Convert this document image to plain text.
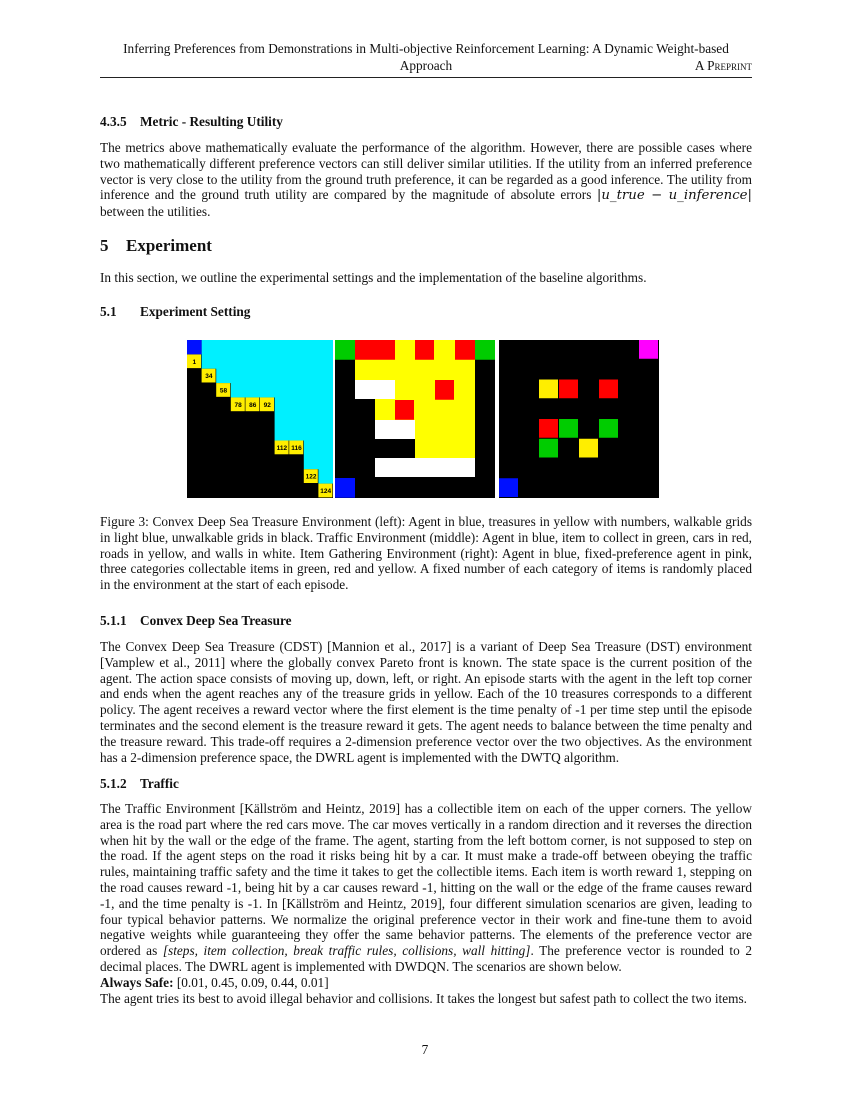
Inferring Preferences from Demonstrations in Multi-objective Reinforcement Learning: A Dynamic Weight-based
Approach	A Preprint
4.3.5 Metric - Resulting Utility
The metrics above mathematically evaluate the performance of the algorithm. However, there are possible cases where two mathematically different preference vectors can still deliver similar utilities. If the utility from an inferred preference vector is very close to the utility from the ground truth preference, it can be regarded as a good inference. The utility from inference and the ground truth utility are compared by the magnitude of absolute errors |u_true − u_inference| between the utilities.
5 Experiment
In this section, we outline the experimental settings and the implementation of the baseline algorithms.
5.1 Experiment Setting
1
34
58
78 86 92
112 116
122
124
Figure 3: Convex Deep Sea Treasure Environment (left): Agent in blue, treasures in yellow with numbers, walkable grids in light blue, unwalkable grids in black. Traffic Environment (middle): Agent in blue, item to collect in green, cars in red, roads in yellow, and walls in white. Item Gathering Environment (right): Agent in blue, fixed-preference agent in pink, three categories collectable items in green, red and yellow. A fixed number of each category of items is randomly placed in the environment at the start of each episode.
5.1.1 Convex Deep Sea Treasure
The Convex Deep Sea Treasure (CDST) [Mannion et al., 2017] is a variant of Deep Sea Treasure (DST) environment [Vamplew et al., 2011] where the globally convex Pareto front is known. The state space is the current position of the agent. The action space consists of moving up, down, left, or right. An episode starts with the agent in the left top corner and ends when the agent reaches any of the treasure grids in yellow. Each of the 10 treasures corresponds to a different policy. The agent receives a reward vector where the first element is the time penalty of -1 per time step until the episode terminates and the second element is the treasure reward it gets. The agent needs to balance between the time penalty and the treasure reward. This trade-off requires a 2-dimension preference vector over the two objectives. As the environment has a 2-dimension preference space, the DWRL agent is implemented with the DWTQ algorithm.
5.1.2 Traffic
The Traffic Environment [Källström and Heintz, 2019] has a collectible item on each of the upper corners. The yellow area is the road part where the red cars move. The car moves vertically in a random direction and it reverses the direction when hit by the wall or the edge of the frame. The agent, starting from the left bottom corner, is not supposed to step on the road. If the agent steps on the road it risks being hit by a car. It must make a trade-off between obeying the traffic rules, maintaining traffic safety and the time it takes to get the collectible items. Each item is worth reward 1, stepping on the road causes reward -1, being hit by a car causes reward -1, hitting on the wall or the edge of the frame causes reward -1, and the time penalty is -1. In [Källström and Heintz, 2019], four different simulation scenarios are given, leading to four typical behavior patterns. We normalize the original preference vector in their work and fine-tune them to avoid negative weights while guaranteeing they offer the same behavior patterns. The elements of the preference vector are ordered as [steps, item collection, break traffic rules, collisions, wall hitting]. The preference vector is rounded to 2 decimal places. The DWRL agent is implemented with DWDQN. The scenarios are shown below.
Always Safe: [0.01, 0.45, 0.09, 0.44, 0.01]
The agent tries its best to avoid illegal behavior and collisions. It takes the longest but safest path to collect the two items.
7
